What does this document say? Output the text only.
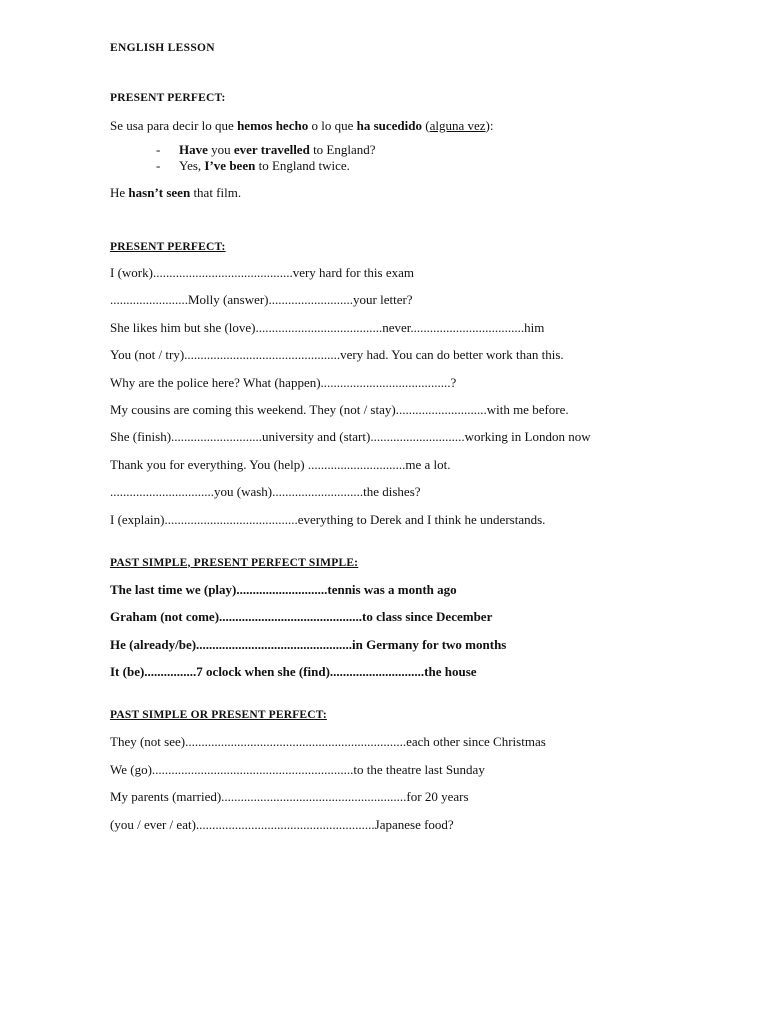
ENGLISH LESSON
PRESENT PERFECT:
Se usa para decir lo que hemos hecho o lo que ha sucedido (alguna vez):
- Have you ever travelled to England?
- Yes, I’ve been to England twice.
He hasn’t seen that film.
PRESENT PERFECT:
I (work)...........................................very hard for this exam
........................Molly (answer)..........................your letter?
She likes him but she (love).......................................never...................................him
You (not / try)................................................very had. You can do better work than this.
Why are the police here? What (happen)........................................?
My cousins are coming this weekend. They (not / stay)............................with me before.
She (finish)............................university and (start).............................working in London now
Thank you for everything. You (help) ..............................me a lot.
................................you (wash)............................the dishes?
I (explain).........................................everything to Derek and I think he understands.
PAST SIMPLE, PRESENT PERFECT SIMPLE:
The last time we (play)............................tennis was a month ago
Graham (not come)............................................to class since December
He (already/be)................................................in Germany for two months
It (be)................7 oclock when she (find).............................the house
PAST SIMPLE OR PRESENT PERFECT:
They (not see)....................................................................each other since Christmas
We (go)..............................................................to the theatre last Sunday
My parents (married).........................................................for 20 years
(you / ever / eat).......................................................Japanese food?
